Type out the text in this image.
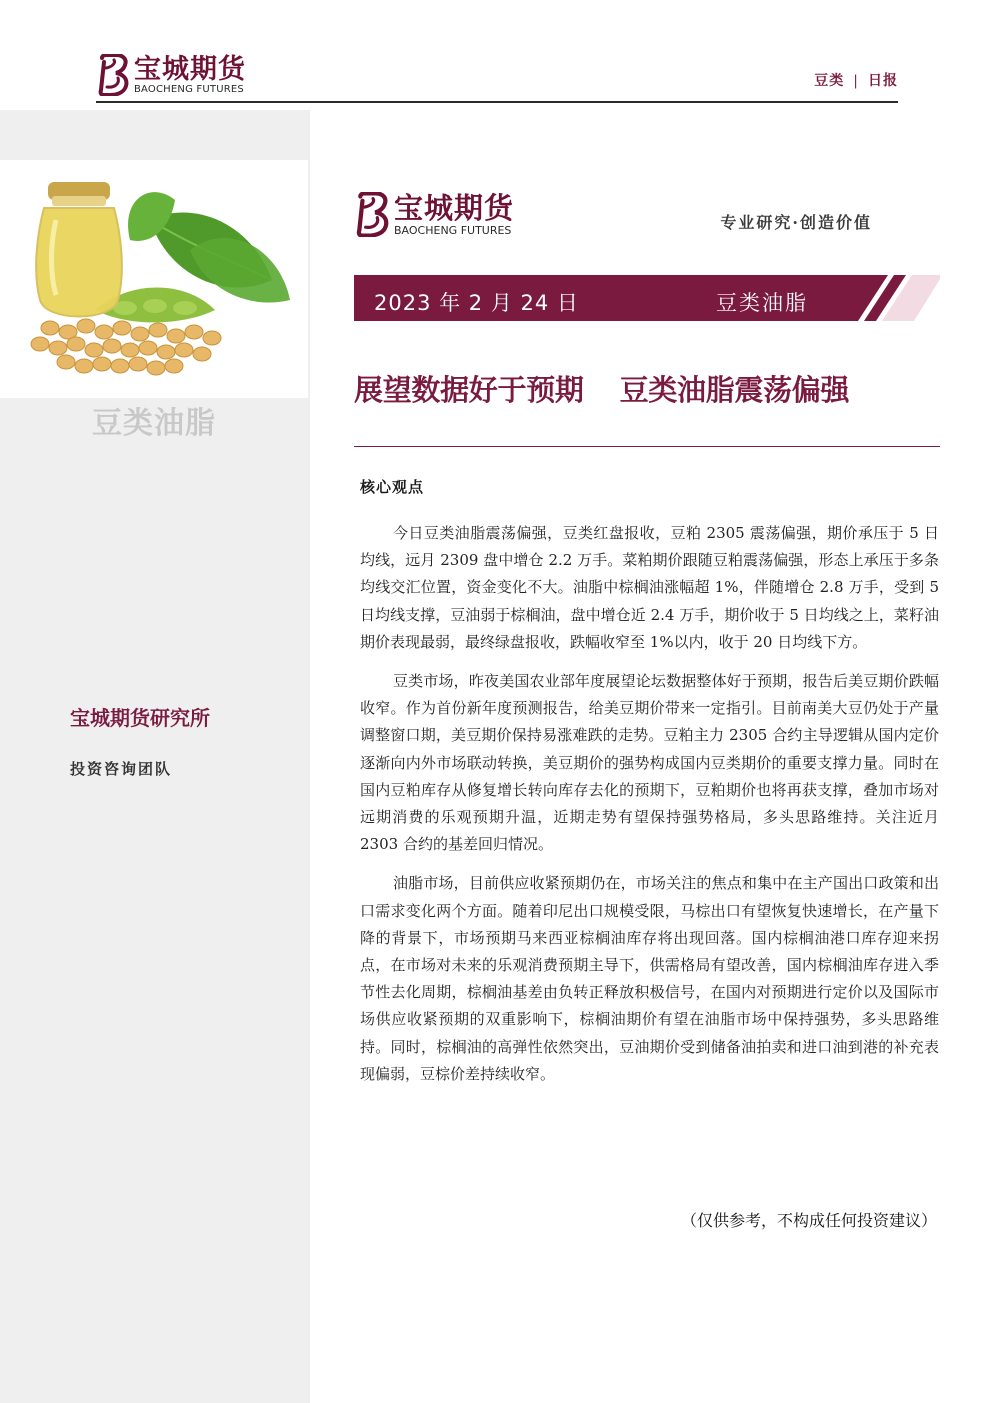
宝城期货
BAOCHENG FUTURES	豆类 | 日报
豆类油脂
宝城期货研究所
投资咨询团队
宝城期货
BAOCHENG FUTURES	专业研究·创造价值
2023 年 2 月 24 日	豆类油脂
展望数据好于预期 豆类油脂震荡偏强
核心观点

今日豆类油脂震荡偏强，豆类红盘报收，豆粕 2305 震荡偏强，期价承压于 5 日均线，远月 2309 盘中增仓 2.2 万手。菜粕期价跟随豆粕震荡偏强，形态上承压于多条均线交汇位置，资金变化不大。油脂中棕榈油涨幅超 1%，伴随增仓 2.8 万手，受到 5 日均线支撑，豆油弱于棕榈油，盘中增仓近 2.4 万手，期价收于 5 日均线之上，菜籽油期价表现最弱，最终绿盘报收，跌幅收窄至 1%以内，收于 20 日均线下方。

豆类市场，昨夜美国农业部年度展望论坛数据整体好于预期，报告后美豆期价跌幅收窄。作为首份新年度预测报告，给美豆期价带来一定指引。目前南美大豆仍处于产量调整窗口期，美豆期价保持易涨难跌的走势。豆粕主力 2305 合约主导逻辑从国内定价逐渐向内外市场联动转换，美豆期价的强势构成国内豆类期价的重要支撑力量。同时在国内豆粕库存从修复增长转向库存去化的预期下，豆粕期价也将再获支撑，叠加市场对远期消费的乐观预期升温，近期走势有望保持强势格局，多头思路维持。关注近月 2303 合约的基差回归情况。

油脂市场，目前供应收紧预期仍在，市场关注的焦点和集中在主产国出口政策和出口需求变化两个方面。随着印尼出口规模受限，马棕出口有望恢复快速增长，在产量下降的背景下，市场预期马来西亚棕榈油库存将出现回落。国内棕榈油港口库存迎来拐点，在市场对未来的乐观消费预期主导下，供需格局有望改善，国内棕榈油库存进入季节性去化周期，棕榈油基差由负转正释放积极信号，在国内对预期进行定价以及国际市场供应收紧预期的双重影响下，棕榈油期价有望在油脂市场中保持强势，多头思路维持。同时，棕榈油的高弹性依然突出，豆油期价受到储备油拍卖和进口油到港的补充表现偏弱，豆棕价差持续收窄。

（仅供参考，不构成任何投资建议）
